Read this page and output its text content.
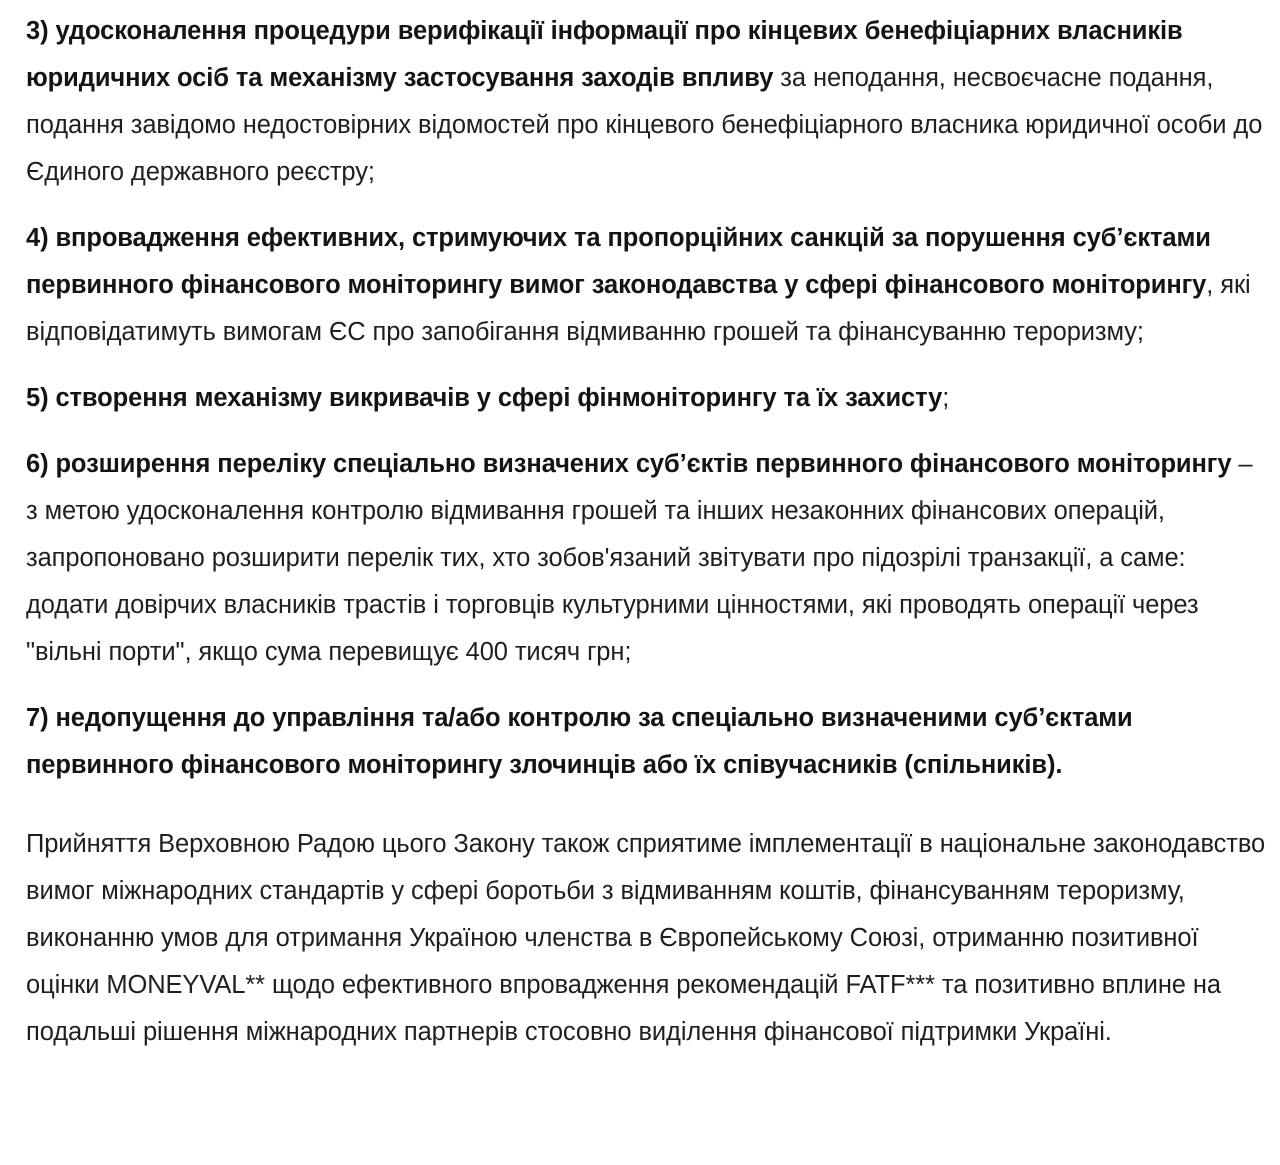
3) удосконалення процедури верифікації інформації про кінцевих бенефіціарних власників юридичних осіб та механізму застосування заходів впливу за неподання, несвоєчасне подання, подання завідомо недостовірних відомостей про кінцевого бенефіціарного власника юридичної особи до Єдиного державного реєстру;

4) впровадження ефективних, стримуючих та пропорційних санкцій за порушення суб’єктами первинного фінансового моніторингу вимог законодавства у сфері фінансового моніторингу, які відповідатимуть вимогам ЄС про запобігання відмиванню грошей та фінансуванню тероризму;

5) створення механізму викривачів у сфері фінмоніторингу та їх захисту;

6) розширення переліку спеціально визначених суб’єктів первинного фінансового моніторингу – з метою удосконалення контролю відмивання грошей та інших незаконних фінансових операцій, запропоновано розширити перелік тих, хто зобов'язаний звітувати про підозрілі транзакції, а саме: додати довірчих власників трастів і торговців культурними цінностями, які проводять операції через "вільні порти", якщо сума перевищує 400 тисяч грн;

7) недопущення до управління та/або контролю за спеціально визначеними суб’єктами первинного фінансового моніторингу злочинців або їх співучасників (спільників).

Прийняття Верховною Радою цього Закону також сприятиме імплементації в національне законодавство вимог міжнародних стандартів у сфері боротьби з відмиванням коштів, фінансуванням тероризму, виконанню умов для отримання Україною членства в Європейському Союзі, отриманню позитивної оцінки MONEYVAL** щодо ефективного впровадження рекомендацій FATF*** та позитивно вплине на подальші рішення міжнародних партнерів стосовно виділення фінансової підтримки Україні.
